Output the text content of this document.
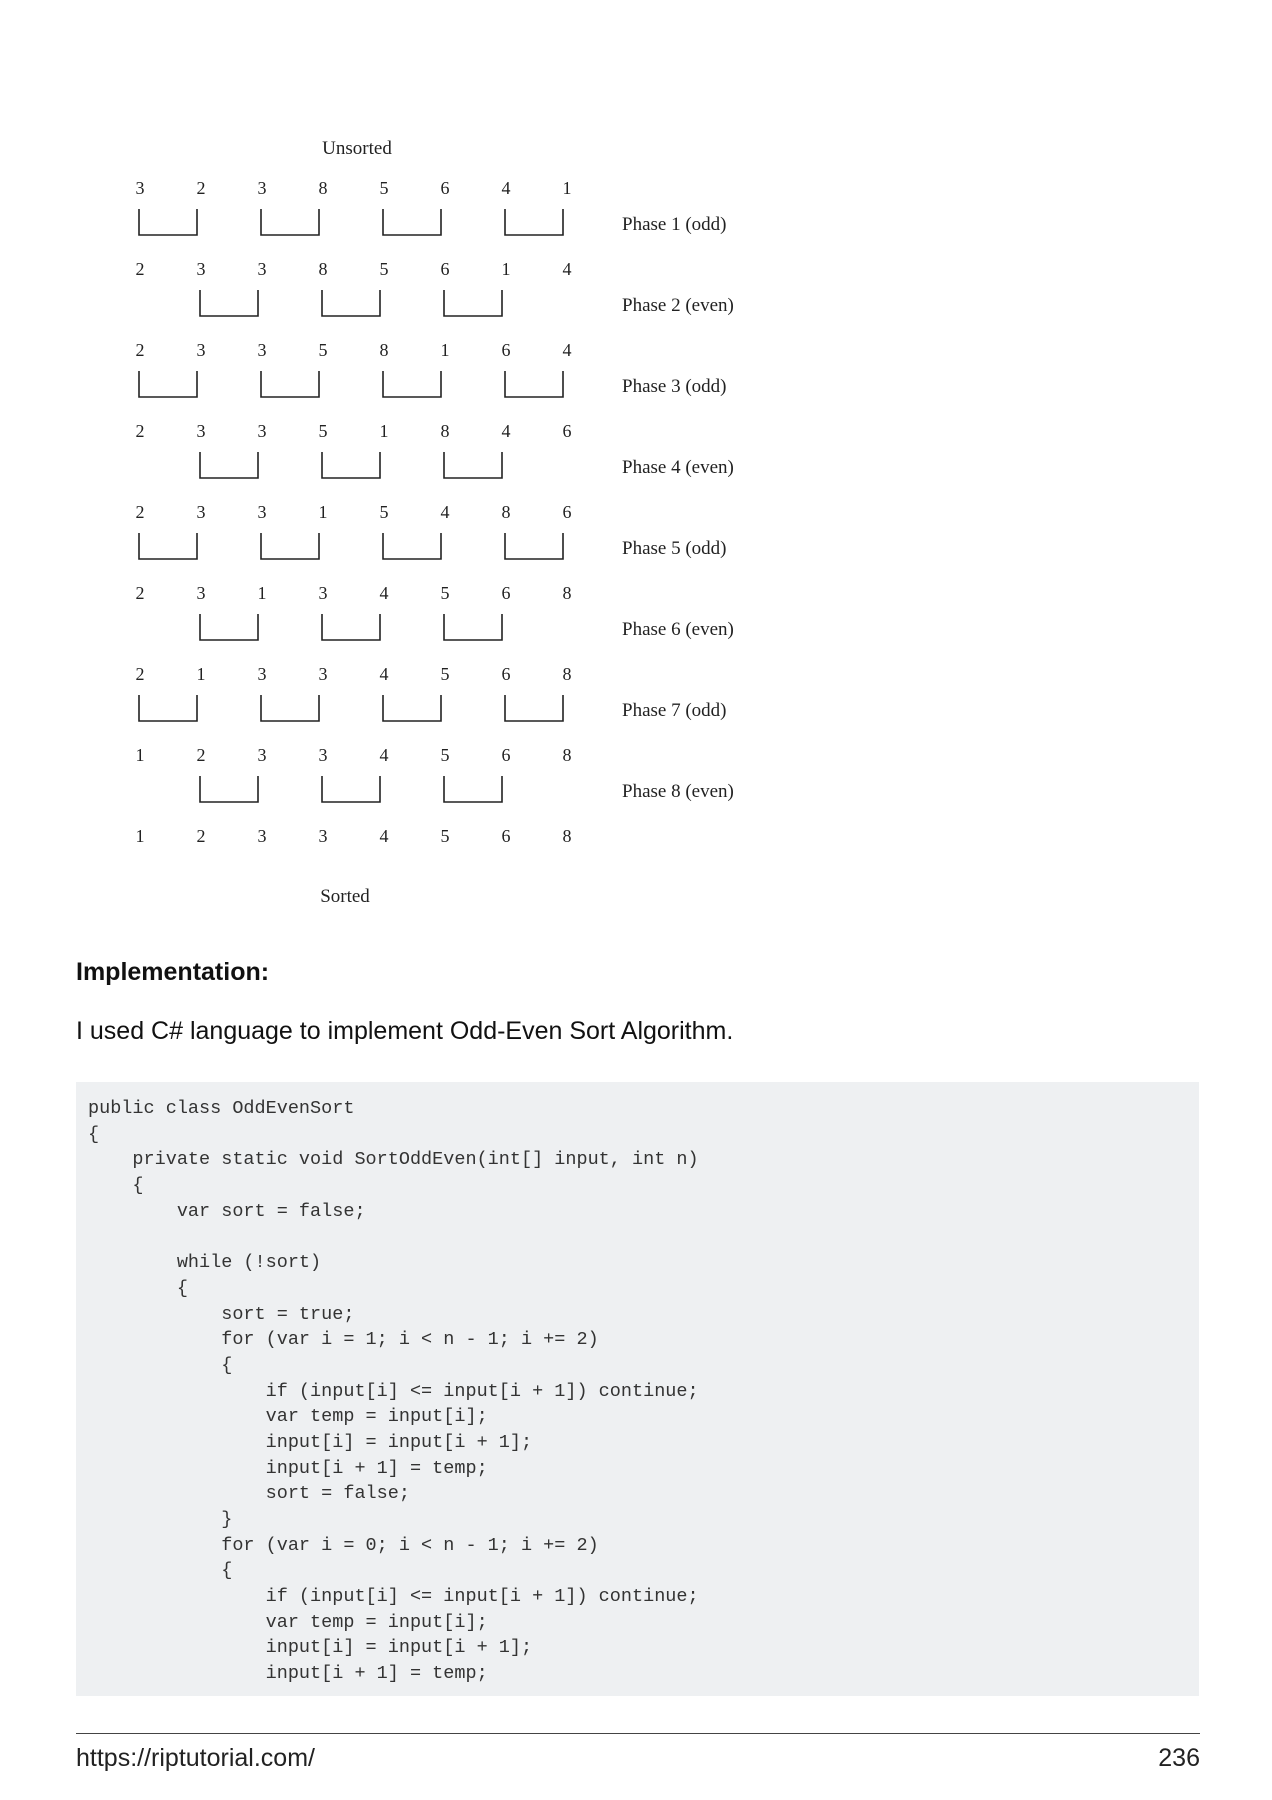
Unsorted
3	2	3	8	5	6	4	1
2	3	3	8	5	6	1	4
2	3	3	5	8	1	6	4
2	3	3	5	1	8	4	6
2	3	3	1	5	4	8	6
2	3	1	3	4	5	6	8
2	1	3	3	4	5	6	8
1	2	3	3	4	5	6	8
1	2	3	3	4	5	6	8
Phase 1 (odd)
Phase 2 (even)
Phase 3 (odd)
Phase 4 (even)
Phase 5 (odd)
Phase 6 (even)
Phase 7 (odd)
Phase 8 (even)
Sorted
Implementation:
I used C# language to implement Odd-Even Sort Algorithm.
public class OddEvenSort
{
private static void SortOddEven(int[] input, int n)
{
var sort = false;
while (!sort)
{
sort = true;
for (var i = 1; i < n - 1; i += 2)
{
if (input[i] <= input[i + 1]) continue;
var temp = input[i];
input[i] = input[i + 1];
input[i + 1] = temp;
sort = false;
}
for (var i = 0; i < n - 1; i += 2)
{
if (input[i] <= input[i + 1]) continue;
var temp = input[i];
input[i] = input[i + 1];
input[i + 1] = temp;
https://riptutorial.com/	236
